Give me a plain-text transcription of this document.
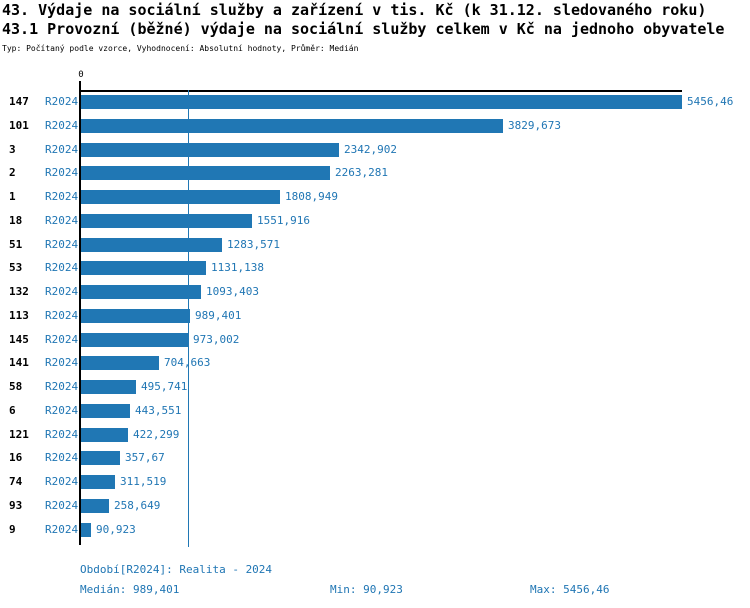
43. Výdaje na sociální služby a zařízení v tis. Kč (k 31.12. sledovaného roku)
43.1 Provozní (běžné) výdaje na sociální služby celkem v Kč na jednoho obyvatele
Typ: Počítaný podle vzorce, Vyhodnocení: Absolutní hodnoty, Průměr: Medián
0
147 R2024	5456,46
101 R2024	3829,673
3	R2024	2342,902
2	R2024	2263,281
1	R2024	1808,949
18 R2024	1551,916
51 R2024	1283,571
53 R2024	1131,138
132 R2024	1093,403
113 R2024	989,401
145 R2024	973,002
141 R2024	704,663
58 R2024	495,741
6	R2024	443,551
121 R2024	422,299
16 R2024	357,67
74 R2024	311,519
93 R2024	258,649
9	R2024 90,923
Období[R2024]: Realita - 2024
Medián: 989,401	Min: 90,923	Max: 5456,46
